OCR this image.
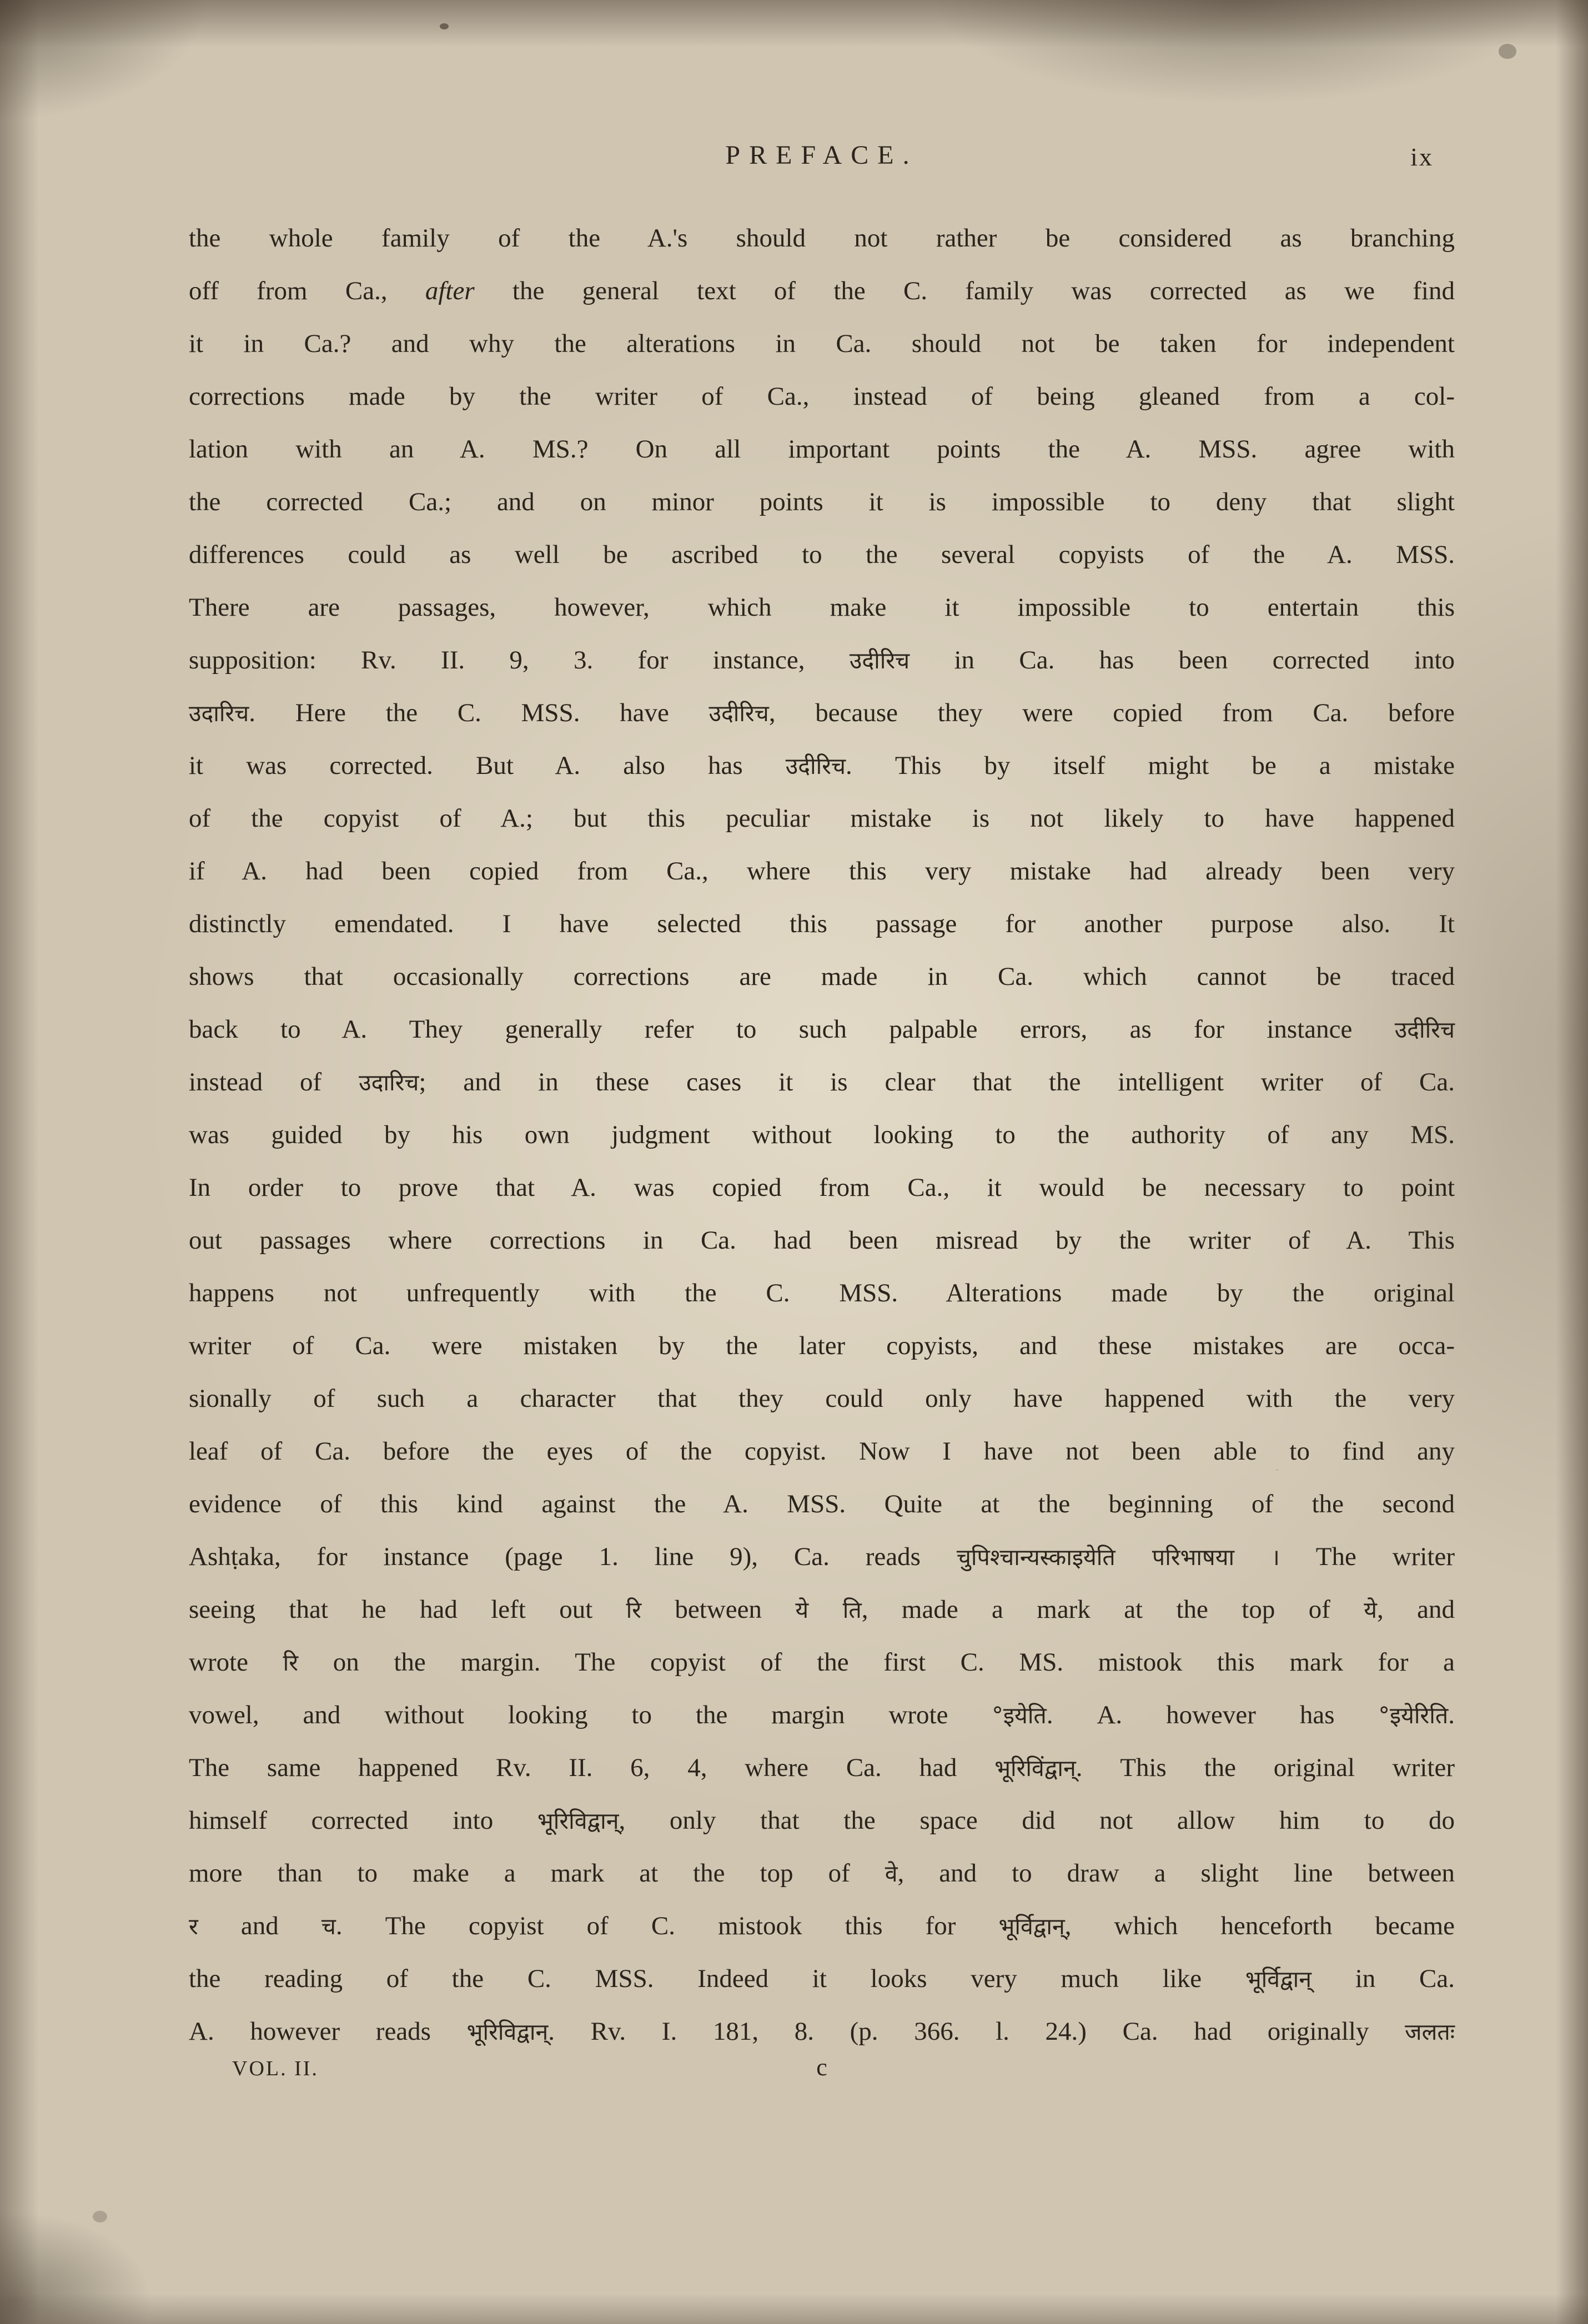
PREFACE.	ix
the whole family of the A.'s should not rather be considered as branching
off from Ca., after the general text of the C. family was corrected as we find
it in Ca.? and why the alterations in Ca. should not be taken for independent
corrections made by the writer of Ca., instead of being gleaned from a col-
lation with an A. MS.? On all important points the A. MSS. agree with
the corrected Ca.; and on minor points it is impossible to deny that slight
differences could as well be ascribed to the several copyists of the A. MSS.
There are passages, however, which make it impossible to entertain this
supposition: Rv. II. 9, 3. for instance, उदीरिच in Ca. has been corrected into
उदारिच. Here the C. MSS. have उदीरिच, because they were copied from Ca. before
it was corrected. But A. also has उदीरिच. This by itself might be a mistake
of the copyist of A.; but this peculiar mistake is not likely to have happened
if A. had been copied from Ca., where this very mistake had already been very
distinctly emendated. I have selected this passage for another purpose also. It
shows that occasionally corrections are made in Ca. which cannot be traced
back to A. They generally refer to such palpable errors, as for instance उदीरिच
instead of उदारिच; and in these cases it is clear that the intelligent writer of Ca.
was guided by his own judgment without looking to the authority of any MS.
In order to prove that A. was copied from Ca., it would be necessary to point
out passages where corrections in Ca. had been misread by the writer of A. This
happens not unfrequently with the C. MSS. Alterations made by the original
writer of Ca. were mistaken by the later copyists, and these mistakes are occa-
sionally of such a character that they could only have happened with the very
leaf of Ca. before the eyes of the copyist. Now I have not been able to find any
evidence of this kind against the A. MSS. Quite at the beginning of the second
Ashṭaka, for instance (page 1. line 9), Ca. reads चुपिश्चान्यस्काइयेति परिभाषया । The writer
seeing that he had left out रि between ये ति, made a mark at the top of ये, and
wrote रि on the margin. The copyist of the first C. MS. mistook this mark for a
vowel, and without looking to the margin wrote °इयेति. A. however has °इयेरिति.
The same happened Rv. II. 6, 4, where Ca. had भूरिविंद्वान्. This the original writer
himself corrected into भूरिविद्वान्, only that the space did not allow him to do
more than to make a mark at the top of वे, and to draw a slight line between
र and च. The copyist of C. mistook this for भूर्विद्वान्, which henceforth became
the reading of the C. MSS. Indeed it looks very much like भूर्विद्वान् in Ca.
A. however reads भूरिविद्वान्. Rv. I. 181, 8. (p. 366. l. 24.) Ca. had originally जलतः
VOL. II.	c
